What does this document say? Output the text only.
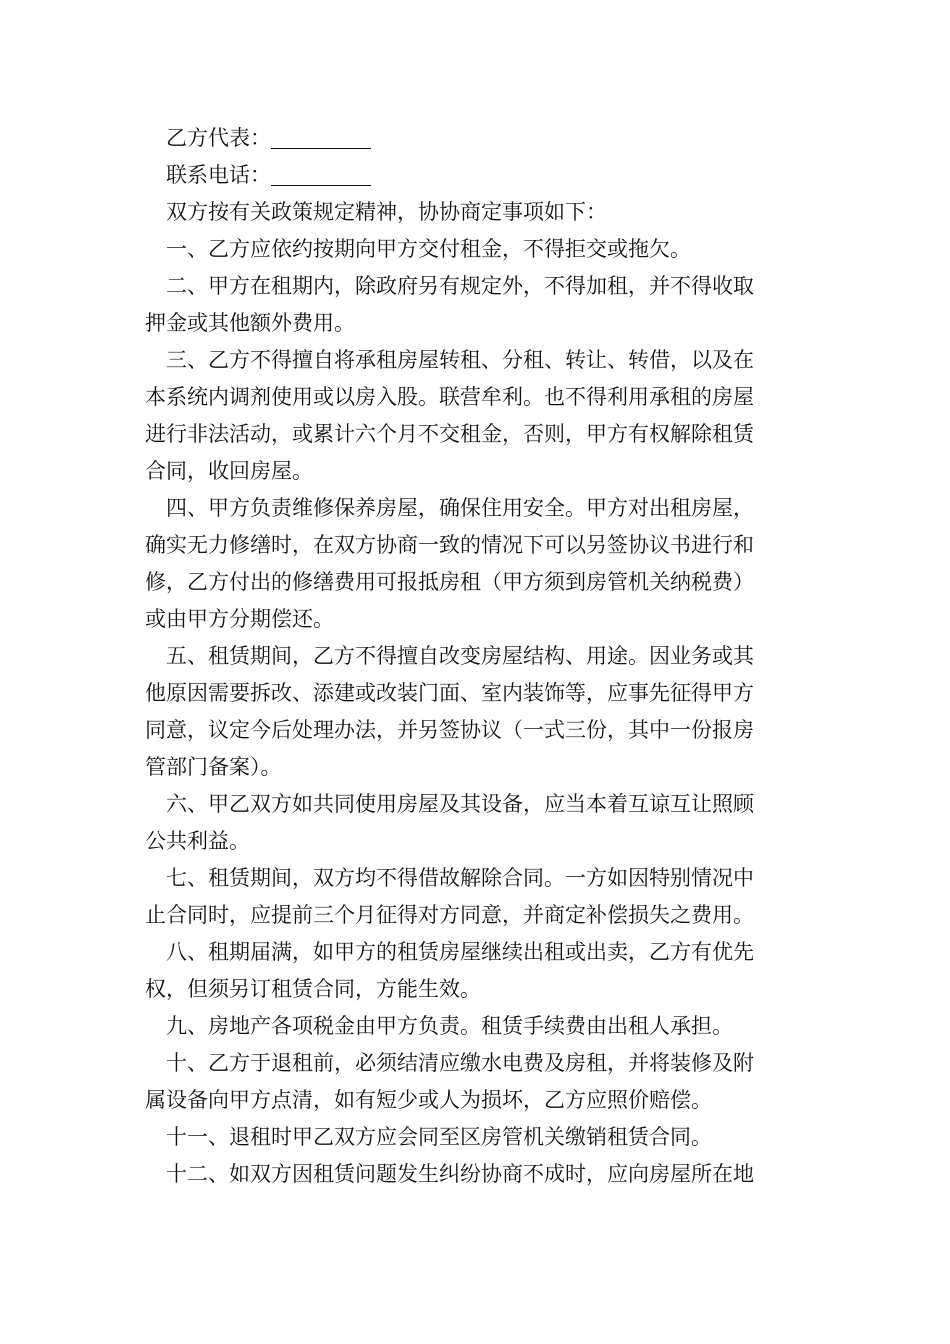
乙方代表：
联系电话：
双方按有关政策规定精神，协协商定事项如下：
一、乙方应依约按期向甲方交付租金，不得拒交或拖欠。
二、甲方在租期内，除政府另有规定外，不得加租，并不得收取
押金或其他额外费用。
三、乙方不得擅自将承租房屋转租、分租、转让、转借，以及在
本系统内调剂使用或以房入股。联营牟利。也不得利用承租的房屋
进行非法活动，或累计六个月不交租金，否则，甲方有权解除租赁
合同，收回房屋。
四、甲方负责维修保养房屋，确保住用安全。甲方对出租房屋，
确实无力修缮时，在双方协商一致的情况下可以另签协议书进行和
修，乙方付出的修缮费用可报抵房租（甲方须到房管机关纳税费）
或由甲方分期偿还。
五、租赁期间，乙方不得擅自改变房屋结构、用途。因业务或其
他原因需要拆改、添建或改装门面、室内装饰等，应事先征得甲方
同意，议定今后处理办法，并另签协议（一式三份，其中一份报房
管部门备案）。
六、甲乙双方如共同使用房屋及其设备，应当本着互谅互让照顾
公共利益。
七、租赁期间，双方均不得借故解除合同。一方如因特别情况中
止合同时，应提前三个月征得对方同意，并商定补偿损失之费用。
八、租期届满，如甲方的租赁房屋继续出租或出卖，乙方有优先
权，但须另订租赁合同，方能生效。
九、房地产各项税金由甲方负责。租赁手续费由出租人承担。
十、乙方于退租前，必须结清应缴水电费及房租，并将装修及附
属设备向甲方点清，如有短少或人为损坏，乙方应照价赔偿。
十一、退租时甲乙双方应会同至区房管机关缴销租赁合同。
十二、如双方因租赁问题发生纠纷协商不成时，应向房屋所在地
